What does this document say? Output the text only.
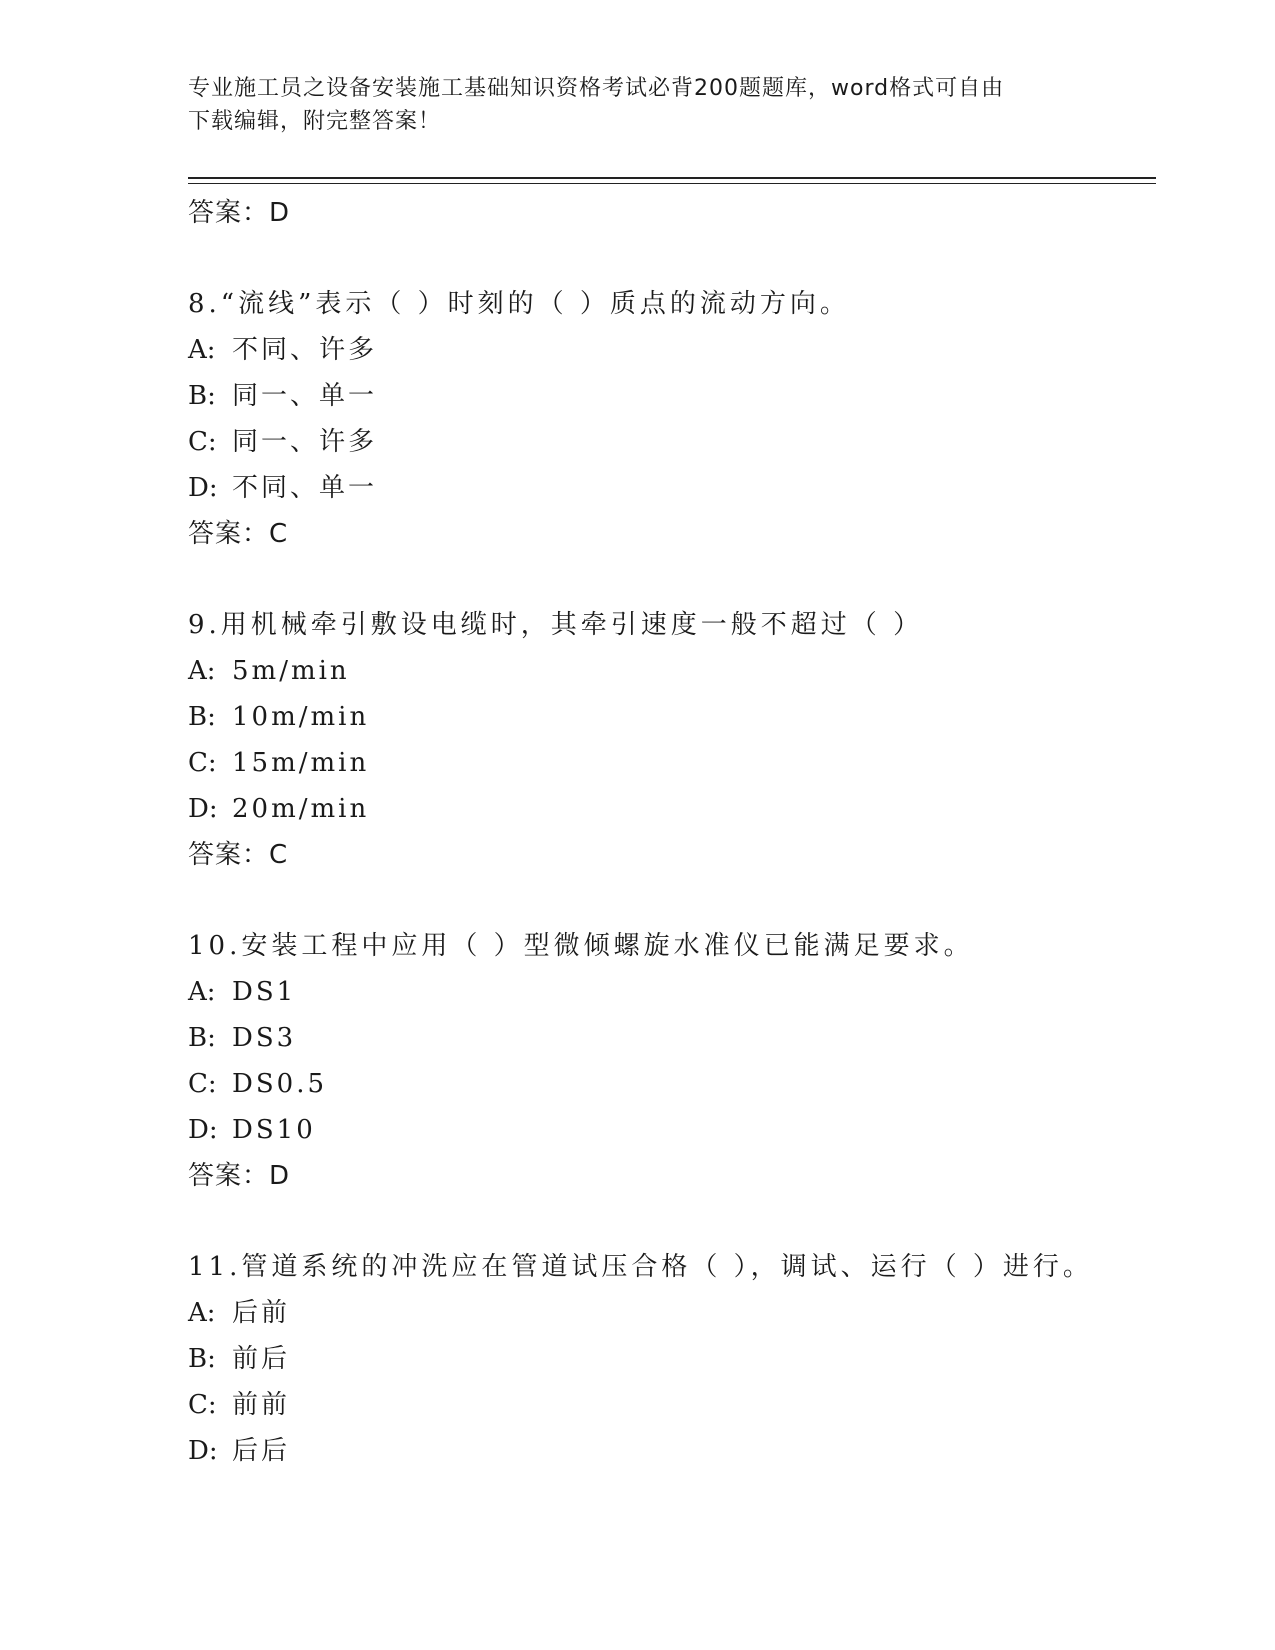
专业施工员之设备安装施工基础知识资格考试必背200题题库，word格式可自由
下载编辑，附完整答案！
答案：D
8.“流线”表示（ ）时刻的（ ）质点的流动方向。
A: 不同、许多
B: 同一、单一
C: 同一、许多
D: 不同、单一
答案：C
9.用机械牵引敷设电缆时，其牵引速度一般不超过（ ）
A: 5m/min
B: 10m/min
C: 15m/min
D: 20m/min
答案：C
10.安装工程中应用（ ）型微倾螺旋水准仪已能满足要求。
A: DS1
B: DS3
C: DS0.5
D: DS10
答案：D
11.管道系统的冲洗应在管道试压合格（ ），调试、运行（ ）进行。
A: 后前
B: 前后
C: 前前
D: 后后
